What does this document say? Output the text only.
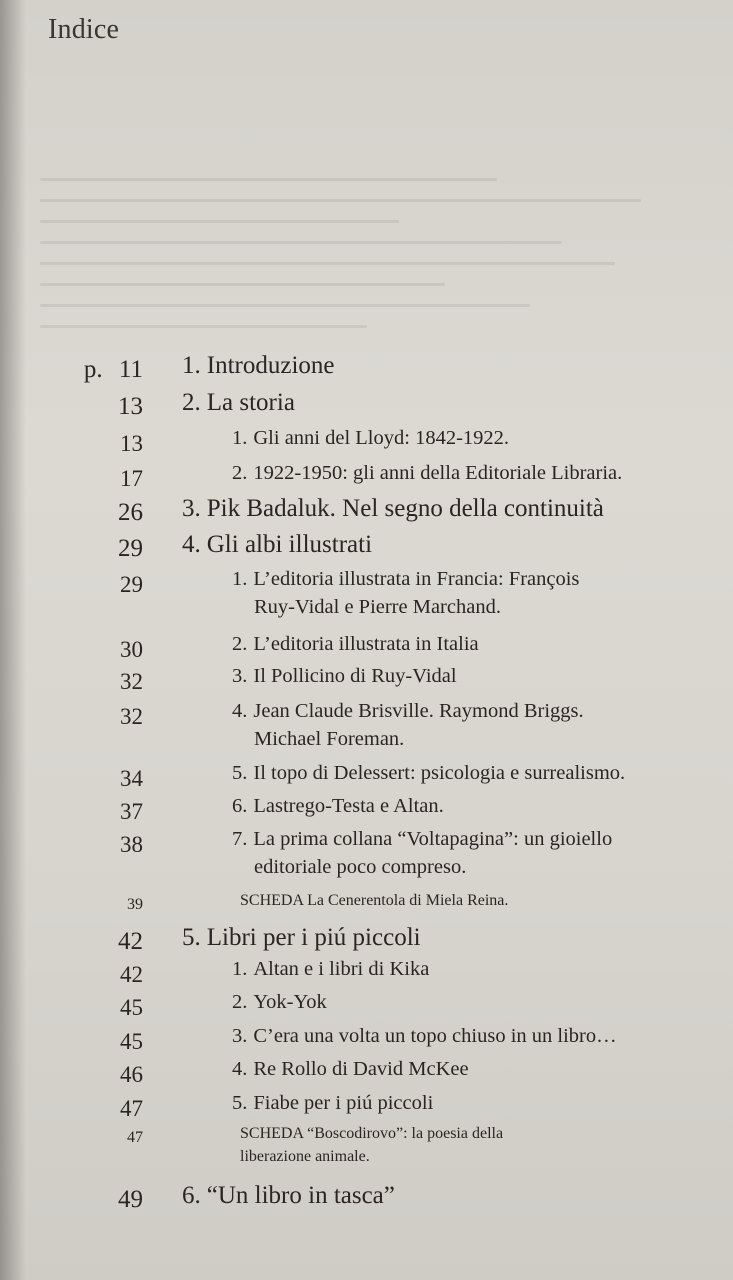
Indice
p. 11 1. Introduzione
13 2. La storia
13	1. Gli anni del Lloyd: 1842-1922.
17	2. 1922-1950: gli anni della Editoriale Libraria.
26 3. Pik Badaluk. Nel segno della continuità
29 4. Gli albi illustrati
29	1. L’editoria illustrata in Francia: François
Ruy-Vidal e Pierre Marchand.
30	2. L’editoria illustrata in Italia
32	3. Il Pollicino di Ruy-Vidal
32	4. Jean Claude Brisville. Raymond Briggs.
Michael Foreman.
34	5. Il topo di Delessert: psicologia e surrealismo.
37	6. Lastrego-Testa e Altan.
38	7. La prima collana “Voltapagina”: un gioiello
editoriale poco compreso.
39	SCHEDA La Cenerentola di Miela Reina.
42 5. Libri per i piú piccoli
42	1. Altan e i libri di Kika
45	2. Yok-Yok
45	3. C’era una volta un topo chiuso in un libro…
46	4. Re Rollo di David McKee
47	5. Fiabe per i piú piccoli
47	SCHEDA “Boscodirovo”: la poesia della
liberazione animale.
49 6. “Un libro in tasca”
